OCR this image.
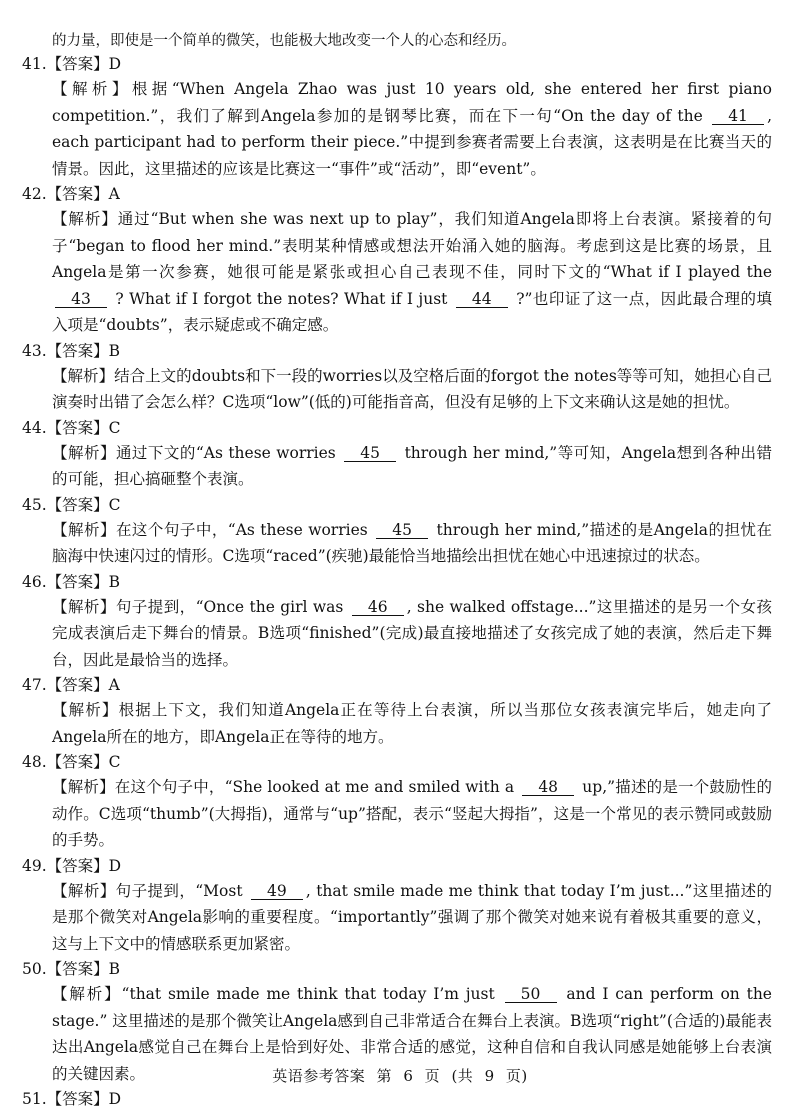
的力量，即使是一个简单的微笑，也能极大地改变一个人的心态和经历。
41.【答案】D
【解析】根据“When Angela Zhao was just 10 years old, she entered her first piano competition.”，我们了解到Angela参加的是钢琴比赛，而在下一句“On the day of the 41 , each participant had to perform their piece.”中提到参赛者需要上台表演，这表明是在比赛当天的情景。因此，这里描述的应该是比赛这一“事件”或“活动”，即“event”。
42.【答案】A
【解析】通过“But when she was next up to play”，我们知道Angela即将上台表演。紧接着的句子“began to flood her mind.”表明某种情感或想法开始涌入她的脑海。考虑到这是比赛的场景，且Angela是第一次参赛，她很可能是紧张或担心自己表现不佳，同时下文的“What if I played the 43 ? What if I forgot the notes? What if I just 44 ?”也印证了这一点，因此最合理的填入项是“doubts”，表示疑虑或不确定感。
43.【答案】B
【解析】结合上文的doubts和下一段的worries以及空格后面的forgot the notes等等可知，她担心自己演奏时出错了会怎么样？C选项“low”(低的)可能指音高，但没有足够的上下文来确认这是她的担忧。
44.【答案】C
【解析】通过下文的“As these worries 45 through her mind,”等可知，Angela想到各种出错的可能，担心搞砸整个表演。
45.【答案】C
【解析】在这个句子中，“As these worries 45 through her mind,”描述的是Angela的担忧在脑海中快速闪过的情形。C选项“raced”(疾驰)最能恰当地描绘出担忧在她心中迅速掠过的状态。
46.【答案】B
【解析】句子提到，“Once the girl was 46 , she walked offstage...”这里描述的是另一个女孩完成表演后走下舞台的情景。B选项“finished”(完成)最直接地描述了女孩完成了她的表演，然后走下舞台，因此是最恰当的选择。
47.【答案】A
【解析】根据上下文，我们知道Angela正在等待上台表演，所以当那位女孩表演完毕后，她走向了Angela所在的地方，即Angela正在等待的地方。
48.【答案】C
【解析】在这个句子中，“She looked at me and smiled with a 48 up,”描述的是一个鼓励性的动作。C选项“thumb”(大拇指)，通常与“up”搭配，表示“竖起大拇指”，这是一个常见的表示赞同或鼓励的手势。
49.【答案】D
【解析】句子提到，“Most 49 , that smile made me think that today I’m just...”这里描述的是那个微笑对Angela影响的重要程度。“importantly”强调了那个微笑对她来说有着极其重要的意义，这与上下文中的情感联系更加紧密。
50.【答案】B
【解析】“that smile made me think that today I’m just 50 and I can perform on the stage.” 这里描述的是那个微笑让Angela感到自己非常适合在舞台上表演。B选项“right”(合适的)最能表达出Angela感觉自己在舞台上是恰到好处、非常合适的感觉，这种自信和自我认同感是她能够上台表演的关键因素。
51.【答案】D
英语参考答案 第 6 页 (共 9 页)
